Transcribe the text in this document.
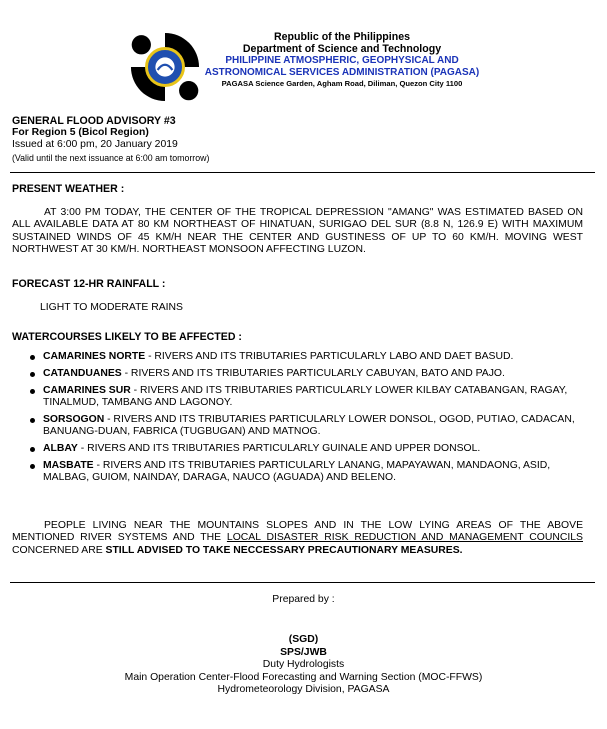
Republic of the Philippines
Department of Science and Technology
PHILIPPINE ATMOSPHERIC, GEOPHYSICAL AND
ASTRONOMICAL SERVICES ADMINISTRATION (PAGASA)
PAGASA Science Garden, Agham Road, Diliman, Quezon City 1100
GENERAL FLOOD ADVISORY #3
For Region 5 (Bicol Region)
Issued at 6:00 pm, 20 January 2019
(Valid until the next issuance at 6:00 am tomorrow)
PRESENT WEATHER :
AT 3:00 PM TODAY, THE CENTER OF THE TROPICAL DEPRESSION "AMANG" WAS ESTIMATED BASED ON ALL AVAILABLE DATA AT 80 KM NORTHEAST OF HINATUAN, SURIGAO DEL SUR (8.8 N, 126.9 E) WITH MAXIMUM SUSTAINED WINDS OF 45 KM/H NEAR THE CENTER AND GUSTINESS OF UP TO 60 KM/H. MOVING WEST NORTHWEST AT 30 KM/H. NORTHEAST MONSOON AFFECTING LUZON.
FORECAST 12-HR RAINFALL :
LIGHT TO MODERATE RAINS
WATERCOURSES LIKELY TO BE AFFECTED :
CAMARINES NORTE - RIVERS AND ITS TRIBUTARIES PARTICULARLY LABO AND DAET BASUD.
CATANDUANES - RIVERS AND ITS TRIBUTARIES PARTICULARLY CABUYAN, BATO AND PAJO.
CAMARINES SUR - RIVERS AND ITS TRIBUTARIES PARTICULARLY LOWER KILBAY CATABANGAN, RAGAY, TINALMUD, TAMBANG AND LAGONOY.
SORSOGON - RIVERS AND ITS TRIBUTARIES PARTICULARLY LOWER DONSOL, OGOD, PUTIAO, CADACAN, BANUANG-DUAN, FABRICA (TUGBUGAN) AND MATNOG.
ALBAY - RIVERS AND ITS TRIBUTARIES PARTICULARLY GUINALE AND UPPER DONSOL.
MASBATE - RIVERS AND ITS TRIBUTARIES PARTICULARLY LANANG, MAPAYAWAN, MANDAONG, ASID, MALBAG, GUIOM, NAINDAY, DARAGA, NAUCO (AGUADA) AND BELENO.
PEOPLE LIVING NEAR THE MOUNTAINS SLOPES AND IN THE LOW LYING AREAS OF THE ABOVE MENTIONED RIVER SYSTEMS AND THE LOCAL DISASTER RISK REDUCTION AND MANAGEMENT COUNCILS CONCERNED ARE STILL ADVISED TO TAKE NECCESSARY PRECAUTIONARY MEASURES.
Prepared by :
(SGD)
SPS/JWB
Duty Hydrologists
Main Operation Center-Flood Forecasting and Warning Section (MOC-FFWS)
Hydrometeorology Division, PAGASA
